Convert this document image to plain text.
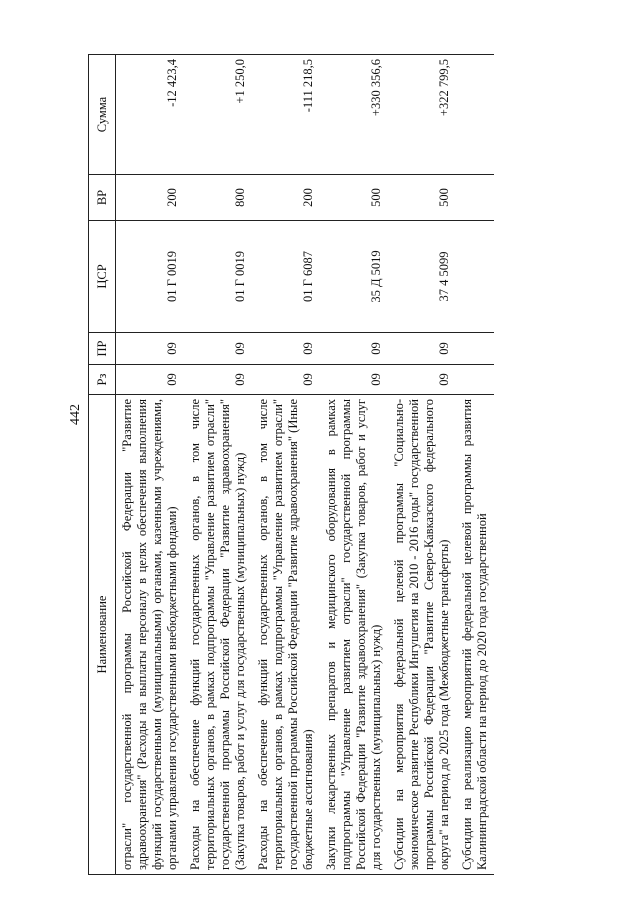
442
Наименование	Рз	ПР	ЦСР	ВР	Сумма
отрасли" государственной программы Российской Федерации "Развитие здравоохранения" (Расходы на выплаты персоналу в целях обеспечения выполнения функций государственными (муниципальными) органами, казенными учреждениями, органами управления государственными внебюджетными фондами)	09	09	01 Г 0019	200	-12 423,4
Расходы на обеспечение функций государственных органов, в том числе территориальных органов, в рамках подпрограммы "Управление развитием отрасли" государственной программы Российской Федерации "Развитие здравоохранения" (Закупка товаров, работ и услуг для государственных (муниципальных) нужд)	09	09	01 Г 0019	800	+1 250,0
Расходы на обеспечение функций государственных органов, в том числе территориальных органов, в рамках подпрограммы "Управление развитием отрасли" государственной программы Российской Федерации "Развитие здравоохранения" (Иные бюджетные ассигнования)	09	09	01 Г 6087	200	-111 218,5
Закупки лекарственных препаратов и медицинского оборудования в рамках подпрограммы "Управление развитием отрасли" государственной программы Российской Федерации "Развитие здравоохранения" (Закупка товаров, работ и услуг для государственных (муниципальных) нужд)	09	09	35 Д 5019	500	+330 356,6
Субсидии на мероприятия федеральной целевой программы "Социально-экономическое развитие Республики Ингушетия на 2010 - 2016 годы" государственной программы Российской Федерации "Развитие Северо-Кавказского федерального округа" на период до 2025 года (Межбюджетные трансферты)	09	09	37 4 5099	500	+322 799,5
Субсидии на реализацию мероприятий федеральной целевой программы развития Калининградской области на период до 2020 года государственной					
